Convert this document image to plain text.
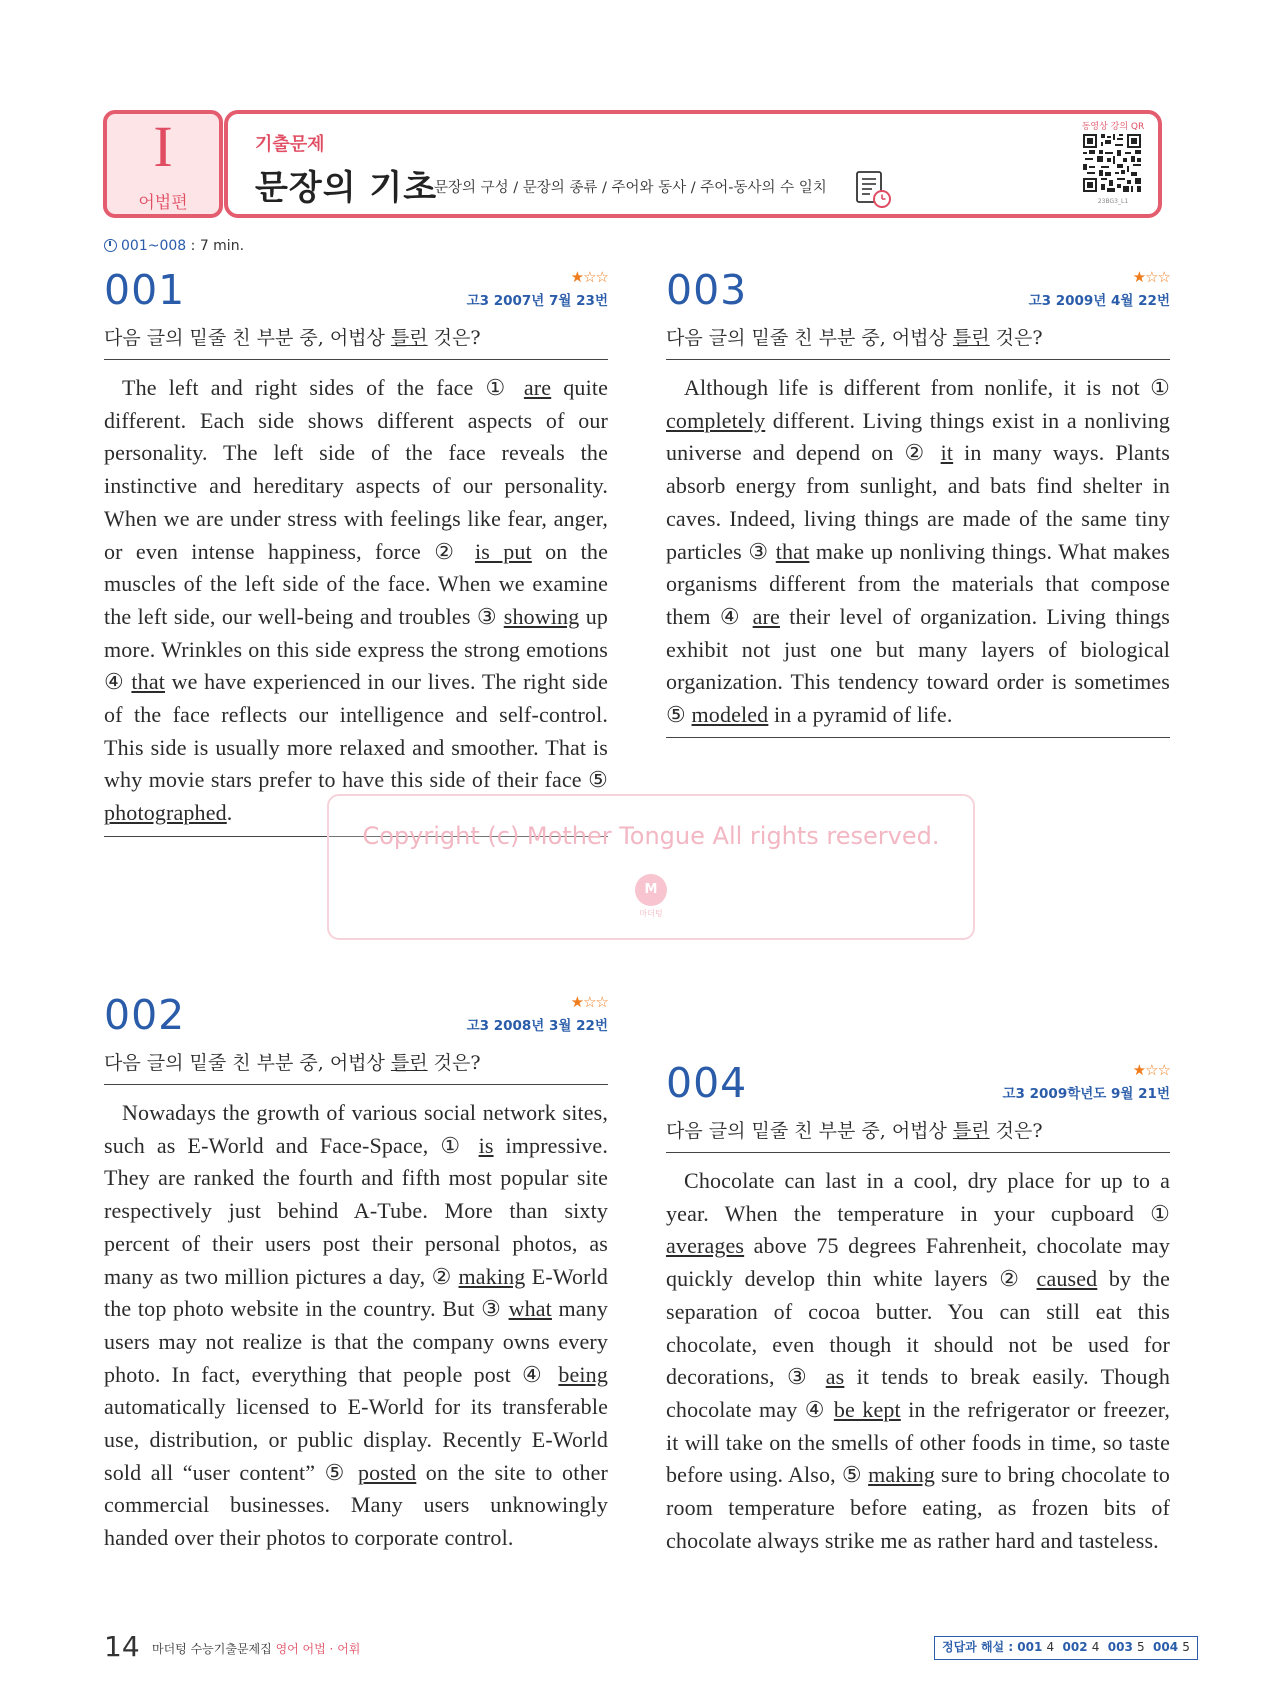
I
어법편
기출문제
문장의 기초
문장의 구성 / 문장의 종류 / 주어와 동사 / 주어-동사의 수 일치
동영상 강의 QR
23BG3_L1
001~008 : 7 min.
001	★☆☆
고3 2007년 7월 23번
다음 글의 밑줄 친 부분 중, 어법상 틀린 것은?

The left and right sides of the face ① are quite different. Each side shows different aspects of our personality. The left side of the face reveals the instinctive and hereditary aspects of our personality. When we are under stress with feelings like fear, anger, or even intense happiness, force ② is put on the muscles of the left side of the face. When we examine the left side, our well-being and troubles ③ showing up more. Wrinkles on this side express the strong emotions ④ that we have experienced in our lives. The right side of the face reflects our intelligence and self-control. This side is usually more relaxed and smoother. That is why movie stars prefer to have this side of their face ⑤ photographed.

003	★☆☆
고3 2009년 4월 22번
다음 글의 밑줄 친 부분 중, 어법상 틀린 것은?

Although life is different from nonlife, it is not ① completely different. Living things exist in a nonliving universe and depend on ② it in many ways. Plants absorb energy from sunlight, and bats find shelter in caves. Indeed, living things are made of the same tiny particles ③ that make up nonliving things. What makes organisms different from the materials that compose them ④ are their level of organization. Living things exhibit not just one but many layers of biological organization. This tendency toward order is sometimes ⑤ modeled in a pyramid of life.

Copyright (c) Mother Tongue All rights reserved.
M
마더텅
002	★☆☆
고3 2008년 3월 22번
다음 글의 밑줄 친 부분 중, 어법상 틀린 것은?

Nowadays the growth of various social network sites, such as E-World and Face-Space, ① is impressive. They are ranked the fourth and fifth most popular site respectively just behind A-Tube. More than sixty percent of their users post their personal photos, as many as two million pictures a day, ② making E-World the top photo website in the country. But ③ what many users may not realize is that the company owns every photo. In fact, everything that people post ④ being automatically licensed to E-World for its transferable use, distribution, or public display. Recently E-World sold all “user content” ⑤ posted on the site to other commercial businesses. Many users unknowingly handed over their photos to corporate control.

004	★☆☆
고3 2009학년도 9월 21번
다음 글의 밑줄 친 부분 중, 어법상 틀린 것은?

Chocolate can last in a cool, dry place for up to a year. When the temperature in your cupboard ① averages above 75 degrees Fahrenheit, chocolate may quickly develop thin white layers ② caused by the separation of cocoa butter. You can still eat this chocolate, even though it should not be used for decorations, ③ as it tends to break easily. Though chocolate may ④ be kept in the refrigerator or freezer, it will take on the smells of other foods in time, so taste before using. Also, ⑤ making sure to bring chocolate to room temperature before eating, as frozen bits of chocolate always strike me as rather hard and tasteless.

14 마더텅 수능기출문제집 영어 어법 · 어휘	정답과 해설 : 001 4 002 4 003 5 004 5
